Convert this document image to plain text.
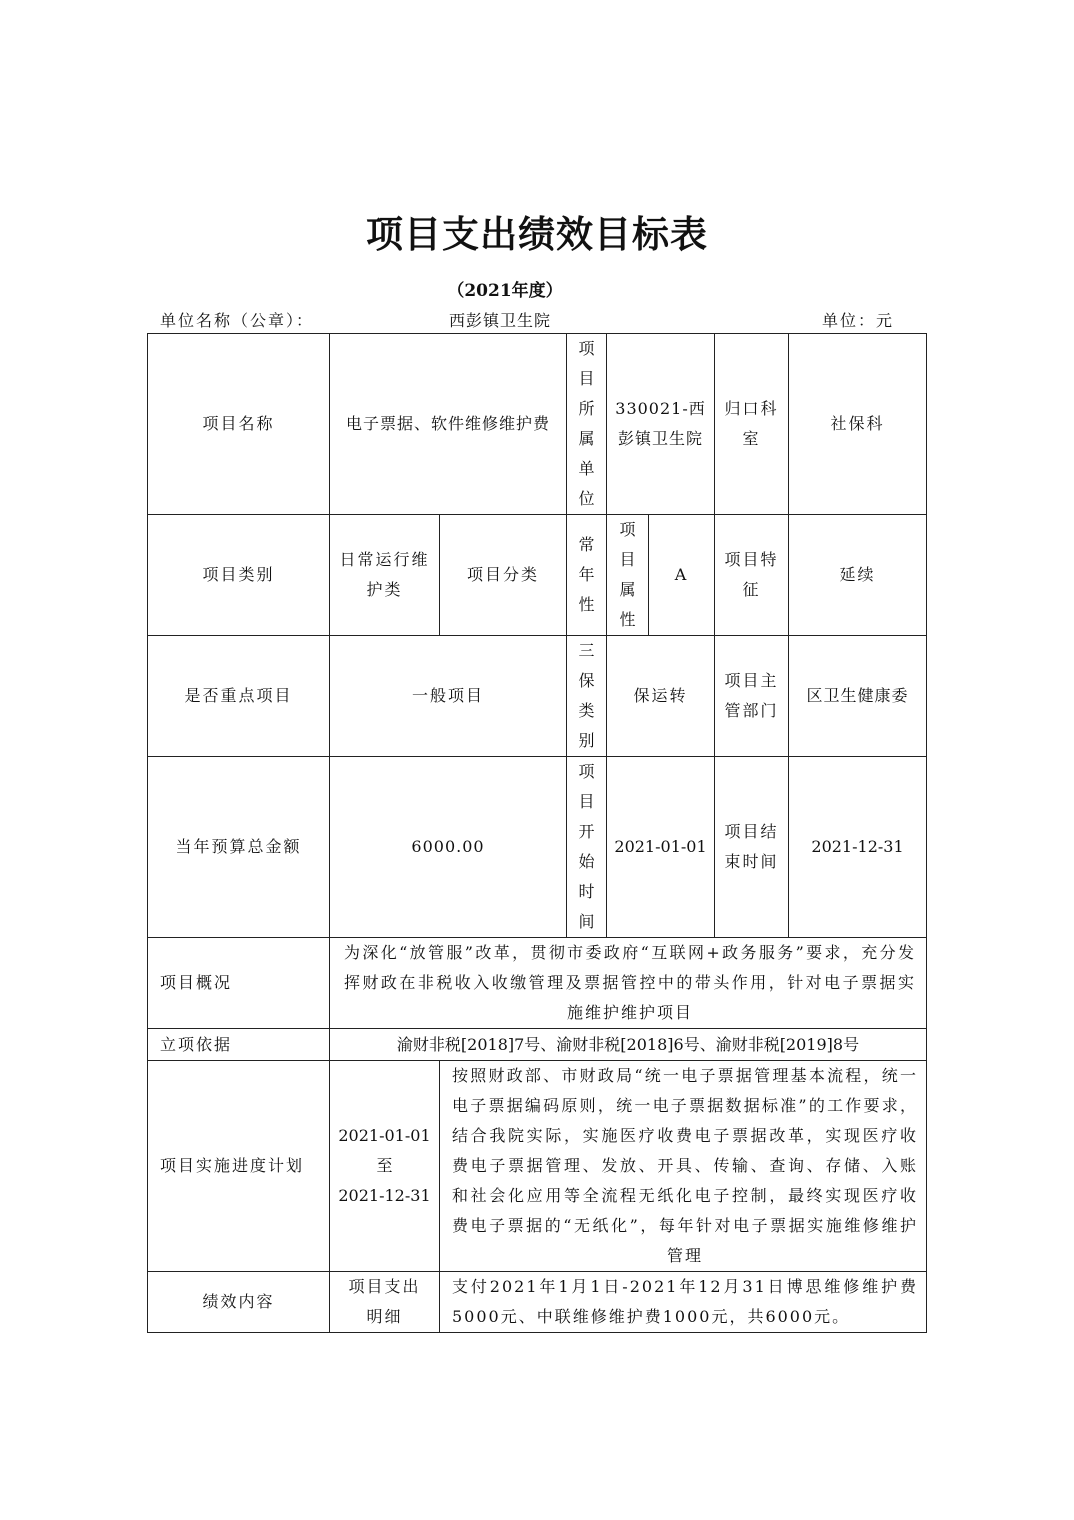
项目支出绩效目标表
（2021年度）
单位名称（公章）：	西彭镇卫生院	单位：元
项目名称	电子票据、软件维修维护费		项目所属单位	330021-西彭镇卫生院		归口科室	社保科
项目类别	日常运行维护类	项目分类	常年性	项目属性	A	项目特征	延续
是否重点项目	一般项目		三保类别	保运转		项目主管部门	区卫生健康委
当年预算总金额	6000.00		项目开始时间	2021-01-01		项目结束时间	2021-12-31
项目概况	为深化“放管服”改革，贯彻市委政府“互联网+政务服务”要求，充分发挥财政在非税收入收缴管理及票据管控中的带头作用，针对电子票据实施维护维护项目						
立项依据	渝财非税[2018]7号、渝财非税[2018]6号、渝财非税[2019]8号						
项目实施进度计划	2021-01-01
至
2021-12-31	按照财政部、市财政局“统一电子票据管理基本流程，统一电子票据编码原则，统一电子票据数据标准”的工作要求，结合我院实际，实施医疗收费电子票据改革，实现医疗收费电子票据管理、发放、开具、传输、查询、存储、入账和社会化应用等全流程无纸化电子控制，最终实现医疗收费电子票据的“无纸化”，每年针对电子票据实施维修维护管理					
绩效内容	项目支出明细	支付2021年1月1日-2021年12月31日博思维修维护费5000元、中联维修维护费1000元，共6000元。					
